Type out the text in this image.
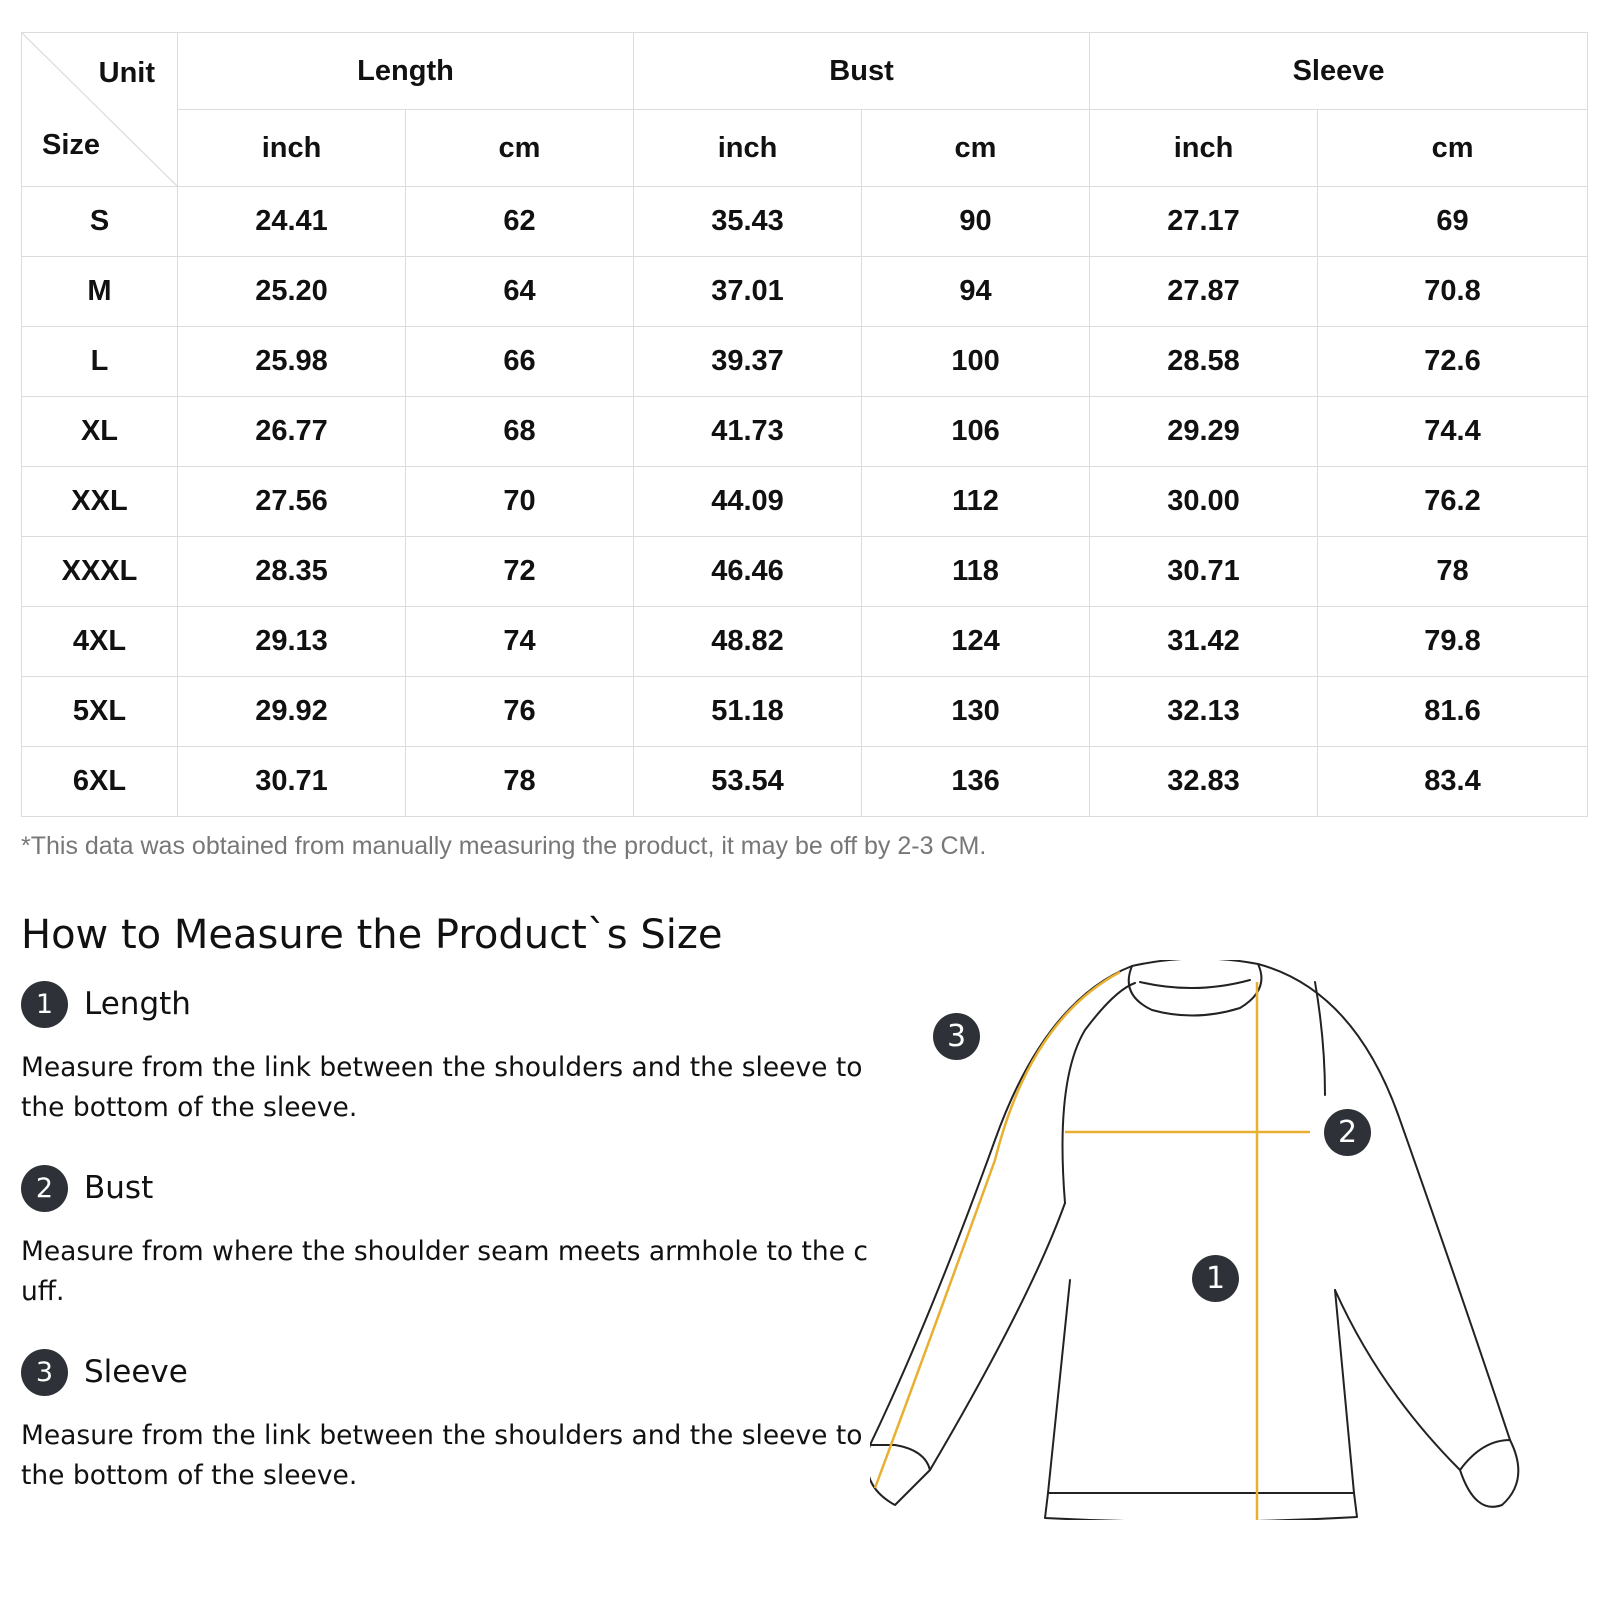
Unit
Size	Length		Bust		Sleeve	
	inch	cm	inch	cm	inch	cm
S	24.41	62	35.43	90	27.17	69
M	25.20	64	37.01	94	27.87	70.8
L	25.98	66	39.37	100	28.58	72.6
XL	26.77	68	41.73	106	29.29	74.4
XXL	27.56	70	44.09	112	30.00	76.2
XXXL	28.35	72	46.46	118	30.71	78
4XL	29.13	74	48.82	124	31.42	79.8
5XL	29.92	76	51.18	130	32.13	81.6
6XL	30.71	78	53.54	136	32.83	83.4
*This data was obtained from manually measuring the product, it may be off by 2-3 CM.
How to Measure the Product`s Size
1 Length
Measure from the link between the shoulders and the sleeve to the bottom of the sleeve.
2 Bust
Measure from where the shoulder seam meets armhole to the cuff.
3 Sleeve
Measure from the link between the shoulders and the sleeve to the bottom of the sleeve.
1
2
3
